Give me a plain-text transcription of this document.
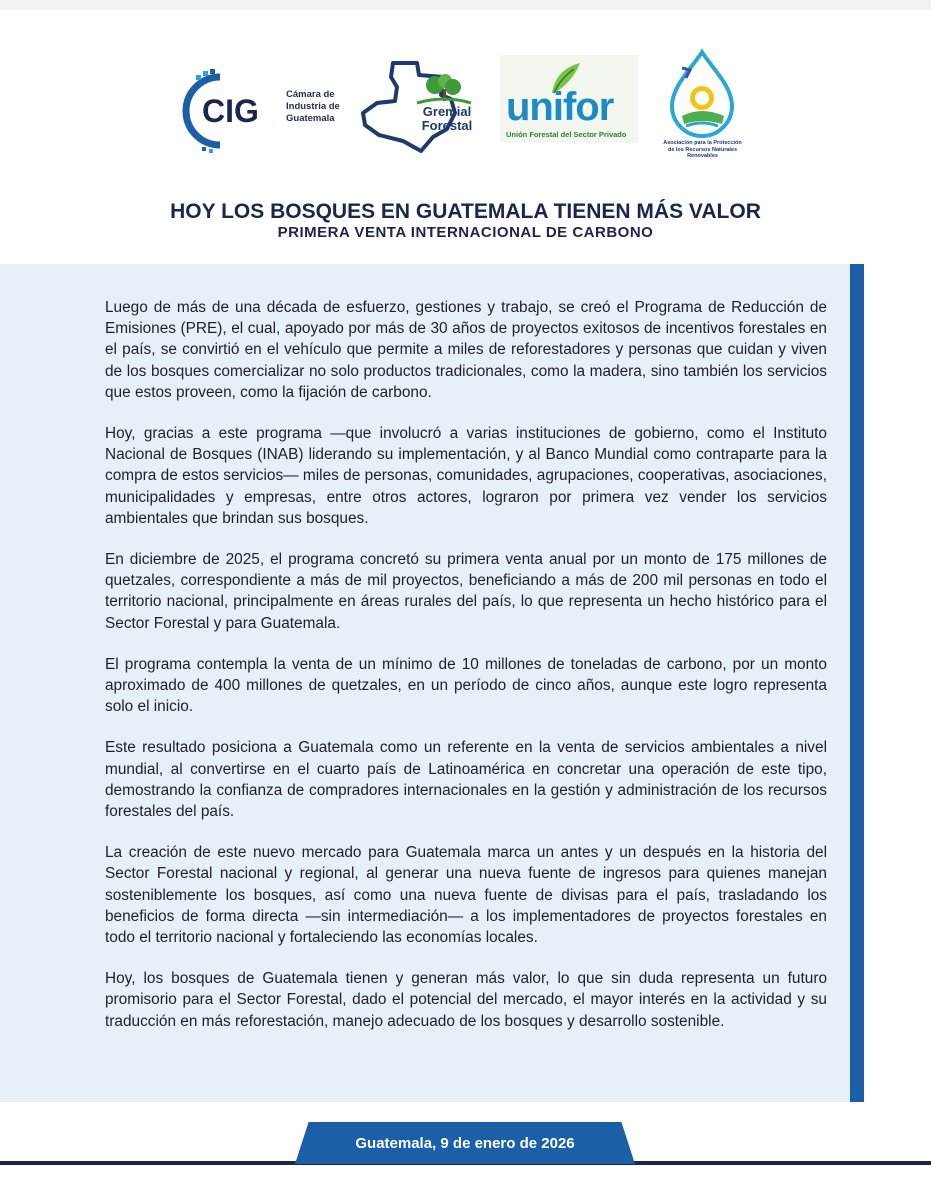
CIG	Cámara de Industria de Guatemala	Gremial Forestal unifor
Unión Forestal del Sector Privado
Asociación para la Protección de los Recursos Naturales Renovables
HOY LOS BOSQUES EN GUATEMALA TIENEN MÁS VALOR
PRIMERA VENTA INTERNACIONAL DE CARBONO

Luego de más de una década de esfuerzo, gestiones y trabajo, se creó el Programa de Reducción de Emisiones (PRE), el cual, apoyado por más de 30 años de proyectos exitosos de incentivos forestales en el país, se convirtió en el vehículo que permite a miles de reforestadores y personas que cuidan y viven de los bosques comercializar no solo productos tradicionales, como la madera, sino también los servicios que estos proveen, como la fijación de carbono.

Hoy, gracias a este programa —que involucró a varias instituciones de gobierno, como el Instituto Nacional de Bosques (INAB) liderando su implementación, y al Banco Mundial como contraparte para la compra de estos servicios— miles de personas, comunidades, agrupaciones, cooperativas, asociaciones, municipalidades y empresas, entre otros actores, lograron por primera vez vender los servicios ambientales que brindan sus bosques.

En diciembre de 2025, el programa concretó su primera venta anual por un monto de 175 millones de quetzales, correspondiente a más de mil proyectos, beneficiando a más de 200 mil personas en todo el territorio nacional, principalmente en áreas rurales del país, lo que representa un hecho histórico para el Sector Forestal y para Guatemala.

El programa contempla la venta de un mínimo de 10 millones de toneladas de carbono, por un monto aproximado de 400 millones de quetzales, en un período de cinco años, aunque este logro representa solo el inicio.

Este resultado posiciona a Guatemala como un referente en la venta de servicios ambientales a nivel mundial, al convertirse en el cuarto país de Latinoamérica en concretar una operación de este tipo, demostrando la confianza de compradores internacionales en la gestión y administración de los recursos forestales del país.

La creación de este nuevo mercado para Guatemala marca un antes y un después en la historia del Sector Forestal nacional y regional, al generar una nueva fuente de ingresos para quienes manejan sosteniblemente los bosques, así como una nueva fuente de divisas para el país, trasladando los beneficios de forma directa —sin intermediación— a los implementadores de proyectos forestales en todo el territorio nacional y fortaleciendo las economías locales.

Hoy, los bosques de Guatemala tienen y generan más valor, lo que sin duda representa un futuro promisorio para el Sector Forestal, dado el potencial del mercado, el mayor interés en la actividad y su traducción en más reforestación, manejo adecuado de los bosques y desarrollo sostenible.

Guatemala, 9 de enero de 2026
